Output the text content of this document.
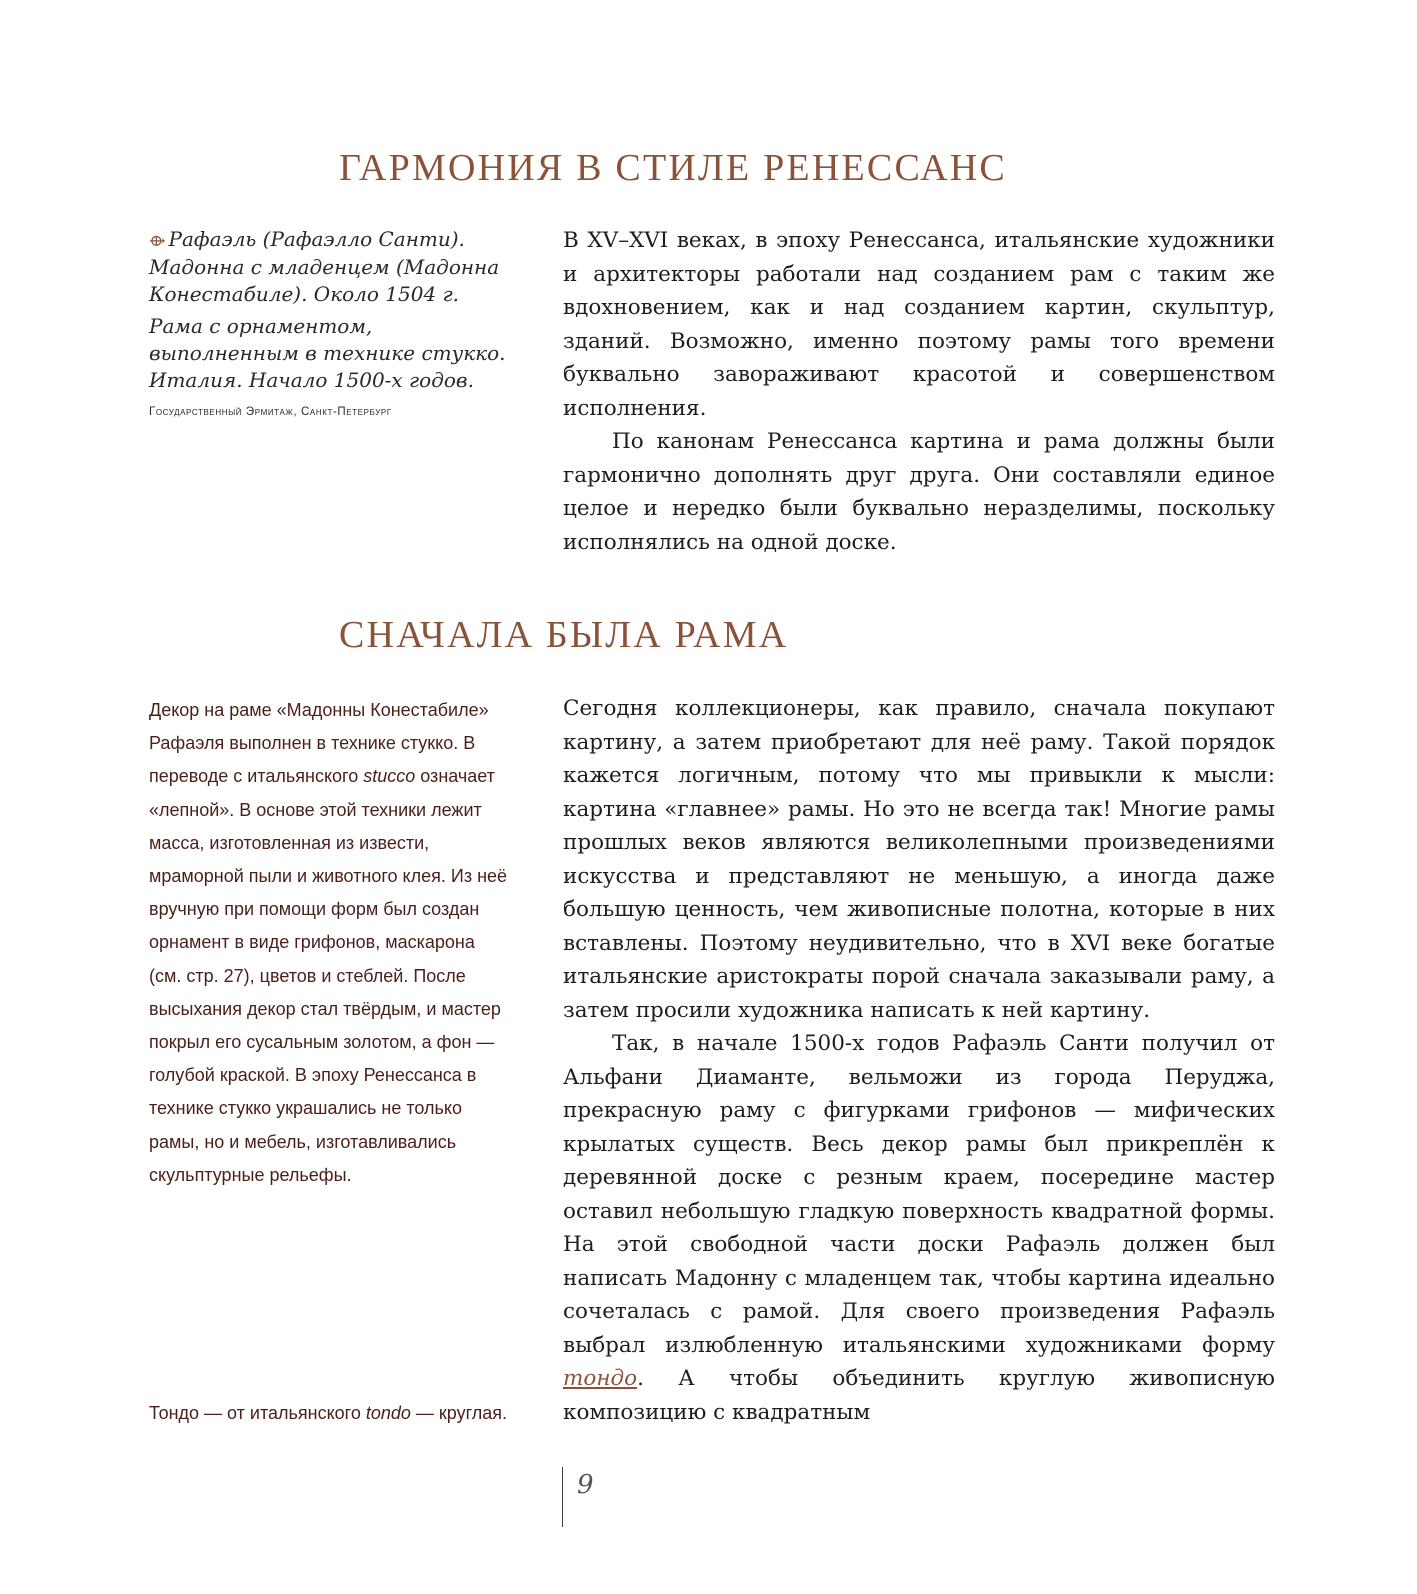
ГАРМОНИЯ В СТИЛЕ РЕНЕССАНС

⟴ Рафаэль (Рафаэлло Санти). Мадонна с младенцем (Мадонна Конестабиле). Около 1504 г.

Рама с орнаментом, выполненным в технике стукко. Италия. Начало 1500-х годов.

Государственный Эрмитаж, Санкт-Петербург

В XV–XVI веках, в эпоху Ренессанса, итальянские художники и архитекторы работали над созданием рам с таким же вдохновением, как и над созданием картин, скульптур, зданий. Возможно, именно поэтому рамы того времени буквально завораживают красотой и совершенством исполнения.

По канонам Ренессанса картина и рама должны были гармонично дополнять друг друга. Они составляли единое целое и нередко были буквально неразделимы, поскольку исполнялись на одной доске.

СНАЧАЛА БЫЛА РАМА

Декор на раме «Мадонны Конестабиле» Рафаэля выполнен в технике стукко. В переводе с итальянского stucco означает «лепной». В основе этой техники лежит масса, изготовленная из извести, мраморной пыли и животного клея. Из неё вручную при помощи форм был создан орнамент в виде грифонов, маскарона (см. стр. 27), цветов и стеблей. После высыхания декор стал твёрдым, и мастер покрыл его сусальным золотом, а фон — голубой краской. В эпоху Ренессанса в технике стукко украшались не только рамы, но и мебель, изготавливались скульптурные рельефы.

Сегодня коллекционеры, как правило, сначала покупают картину, а затем приобретают для неё раму. Такой порядок кажется логичным, потому что мы привыкли к мысли: картина «главнее» рамы. Но это не всегда так! Многие рамы прошлых веков являются великолепными произведениями искусства и представляют не меньшую, а иногда даже большую ценность, чем живописные полотна, которые в них вставлены. Поэтому неудивительно, что в XVI веке богатые итальянские аристократы порой сначала заказывали раму, а затем просили художника написать к ней картину.

Так, в начале 1500-х годов Рафаэль Санти получил от Альфани Диаманте, вельможи из города Перуджа, прекрасную раму с фигурками грифонов — мифических крылатых существ. Весь декор рамы был прикреплён к деревянной доске с резным краем, посередине мастер оставил небольшую гладкую поверхность квадратной формы. На этой свободной части доски Рафаэль должен был написать Мадонну с младенцем так, чтобы картина идеально сочеталась с рамой. Для своего произведения Рафаэль выбрал излюбленную итальянскими художниками форму тондо. А чтобы объединить круглую живописную композицию с квадратным

Тондо — от итальянского tondo — круглая.

9
